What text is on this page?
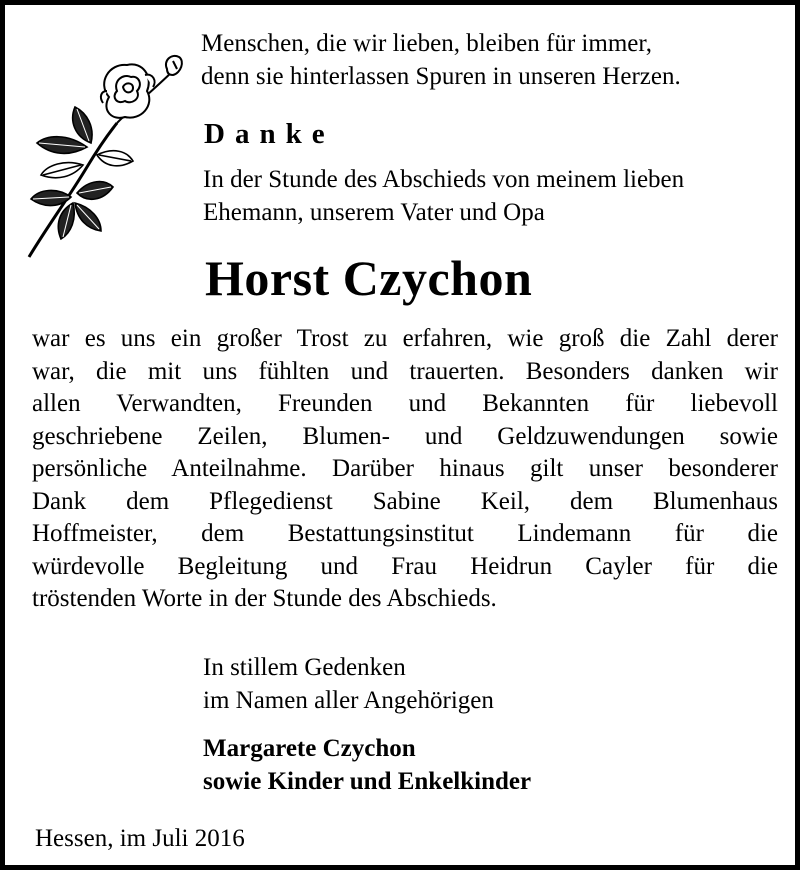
Menschen, die wir lieben, bleiben für immer,
denn sie hinterlassen Spuren in unseren Herzen.
Danke
In der Stunde des Abschieds von meinem lieben
Ehemann, unserem Vater und Opa
Horst Czychon
war es uns ein großer Trost zu erfahren, wie groß die Zahl derer
war, die mit uns fühlten und trauerten. Besonders danken wir
allen Verwandten, Freunden und Bekannten für liebevoll
geschriebene Zeilen, Blumen- und Geldzuwendungen sowie
persönliche Anteilnahme. Darüber hinaus gilt unser besonderer
Dank dem Pflegedienst Sabine Keil, dem Blumenhaus
Hoffmeister, dem Bestattungsinstitut Lindemann für die
würdevolle Begleitung und Frau Heidrun Cayler für die
tröstenden Worte in der Stunde des Abschieds.
In stillem Gedenken
im Namen aller Angehörigen
Margarete Czychon
sowie Kinder und Enkelkinder
Hessen, im Juli 2016
